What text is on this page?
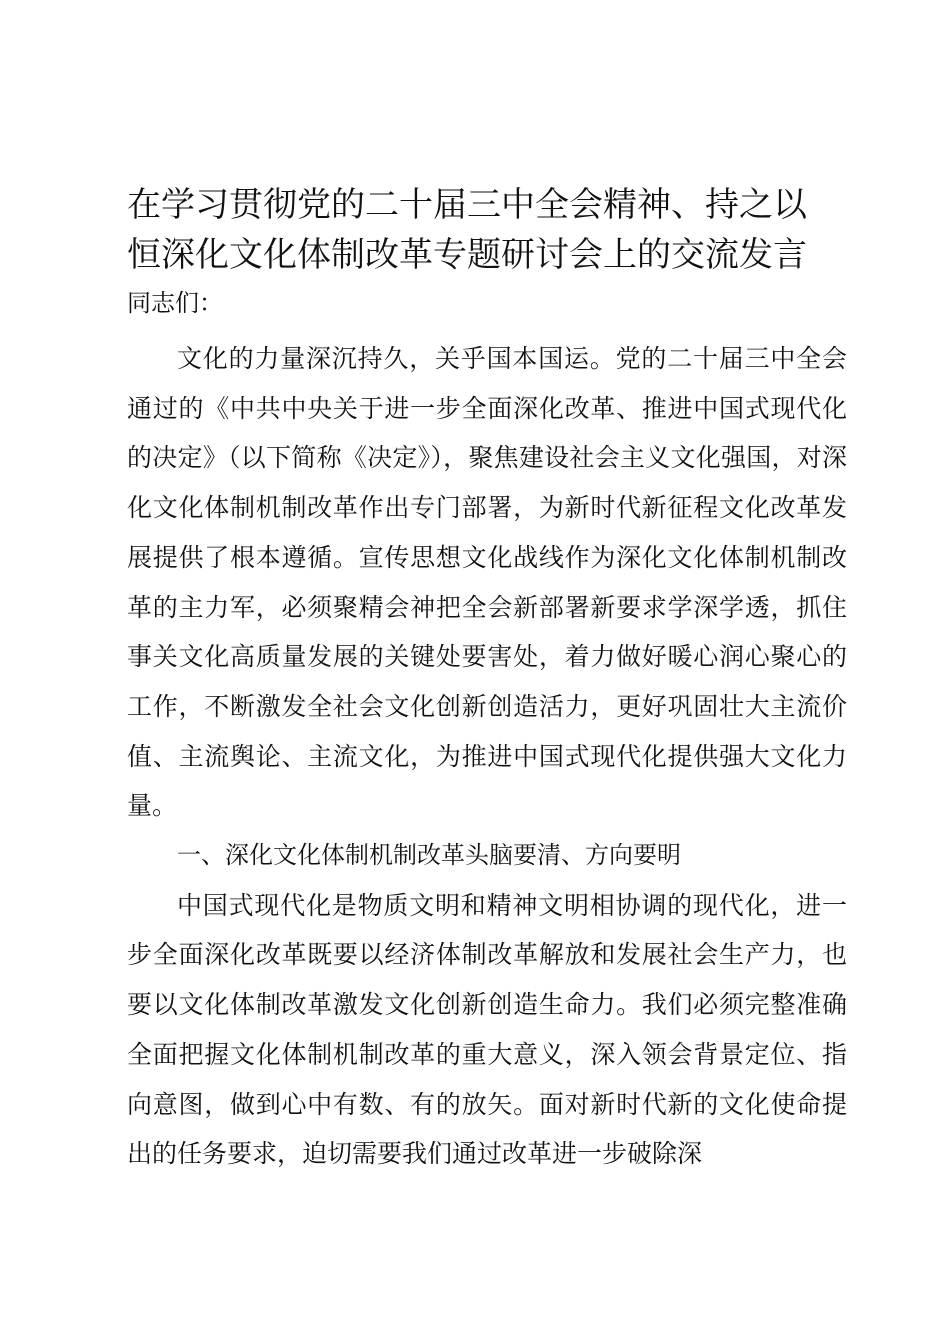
在学习贯彻党的二十届三中全会精神、持之以恒深化文化体制改革专题研讨会上的交流发言

同志们：

文化的力量深沉持久，关乎国本国运。党的二十届三中全会通过的《中共中央关于进一步全面深化改革、推进中国式现代化的决定》（以下简称《决定》），聚焦建设社会主义文化强国，对深化文化体制机制改革作出专门部署，为新时代新征程文化改革发展提供了根本遵循。宣传思想文化战线作为深化文化体制机制改革的主力军，必须聚精会神把全会新部署新要求学深学透，抓住事关文化高质量发展的关键处要害处，着力做好暖心润心聚心的工作，不断激发全社会文化创新创造活力，更好巩固壮大主流价值、主流舆论、主流文化，为推进中国式现代化提供强大文化力量。

一、深化文化体制机制改革头脑要清、方向要明

中国式现代化是物质文明和精神文明相协调的现代化，进一步全面深化改革既要以经济体制改革解放和发展社会生产力，也要以文化体制改革激发文化创新创造生命力。我们必须完整准确全面把握文化体制机制改革的重大意义，深入领会背景定位、指向意图，做到心中有数、有的放矢。面对新时代新的文化使命提出的任务要求，迫切需要我们通过改革进一步破除深
